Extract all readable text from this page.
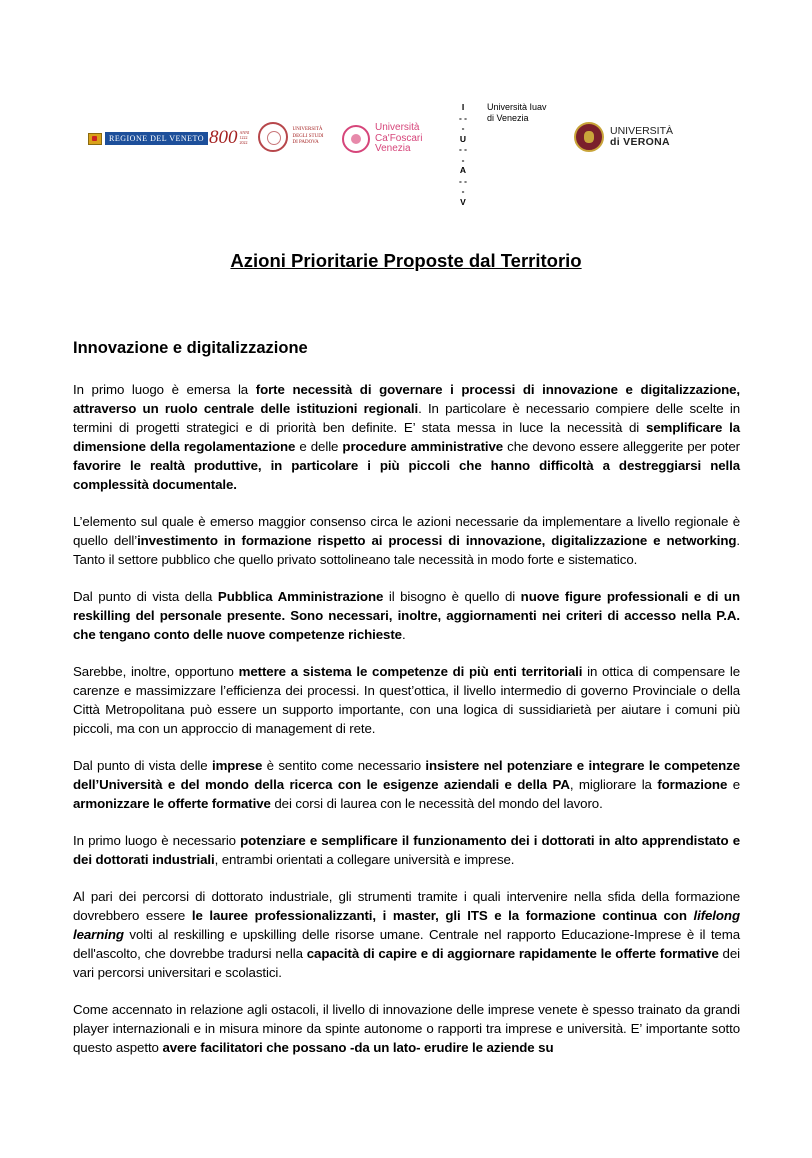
REGIONE DEL VENETO 800 ANNI 1222 2022
UNIVERSITÀ DEGLI STUDI DI PADOVA
Università
Ca'Foscari
Venezia
I
- - -
U
- - -
A
- - -
V
Università Iuav
di Venezia
UNIVERSITÀ
di VERONA
Azioni Prioritarie Proposte dal Territorio
Innovazione e digitalizzazione

In primo luogo è emersa la forte necessità di governare i processi di innovazione e digitalizzazione, attraverso un ruolo centrale delle istituzioni regionali. In particolare è necessario compiere delle scelte in termini di progetti strategici e di priorità ben definite. E’ stata messa in luce la necessità di semplificare la dimensione della regolamentazione e delle procedure amministrative che devono essere alleggerite per poter favorire le realtà produttive, in particolare i più piccoli che hanno difficoltà a destreggiarsi nella complessità documentale.

L’elemento sul quale è emerso maggior consenso circa le azioni necessarie da implementare a livello regionale è quello dell’investimento in formazione rispetto ai processi di innovazione, digitalizzazione e networking. Tanto il settore pubblico che quello privato sottolineano tale necessità in modo forte e sistematico.

Dal punto di vista della Pubblica Amministrazione il bisogno è quello di nuove figure professionali e di un reskilling del personale presente. Sono necessari, inoltre, aggiornamenti nei criteri di accesso nella P.A. che tengano conto delle nuove competenze richieste.

Sarebbe, inoltre, opportuno mettere a sistema le competenze di più enti territoriali in ottica di compensare le carenze e massimizzare l’efficienza dei processi. In quest’ottica, il livello intermedio di governo Provinciale o della Città Metropolitana può essere un supporto importante, con una logica di sussidiarietà per aiutare i comuni più piccoli, ma con un approccio di management di rete.

Dal punto di vista delle imprese è sentito come necessario insistere nel potenziare e integrare le competenze dell’Università e del mondo della ricerca con le esigenze aziendali e della PA, migliorare la formazione e armonizzare le offerte formative dei corsi di laurea con le necessità del mondo del lavoro.

In primo luogo è necessario potenziare e semplificare il funzionamento dei i dottorati in alto apprendistato e dei dottorati industriali, entrambi orientati a collegare università e imprese.

Al pari dei percorsi di dottorato industriale, gli strumenti tramite i quali intervenire nella sfida della formazione dovrebbero essere le lauree professionalizzanti, i master, gli ITS e la formazione continua con lifelong learning volti al reskilling e upskilling delle risorse umane. Centrale nel rapporto Educazione-Imprese è il tema dell'ascolto, che dovrebbe tradursi nella capacità di capire e di aggiornare rapidamente le offerte formative dei vari percorsi universitari e scolastici.

Come accennato in relazione agli ostacoli, il livello di innovazione delle imprese venete è spesso trainato da grandi player internazionali e in misura minore da spinte autonome o rapporti tra imprese e università. E’ importante sotto questo aspetto avere facilitatori che possano -da un lato- erudire le aziende su
